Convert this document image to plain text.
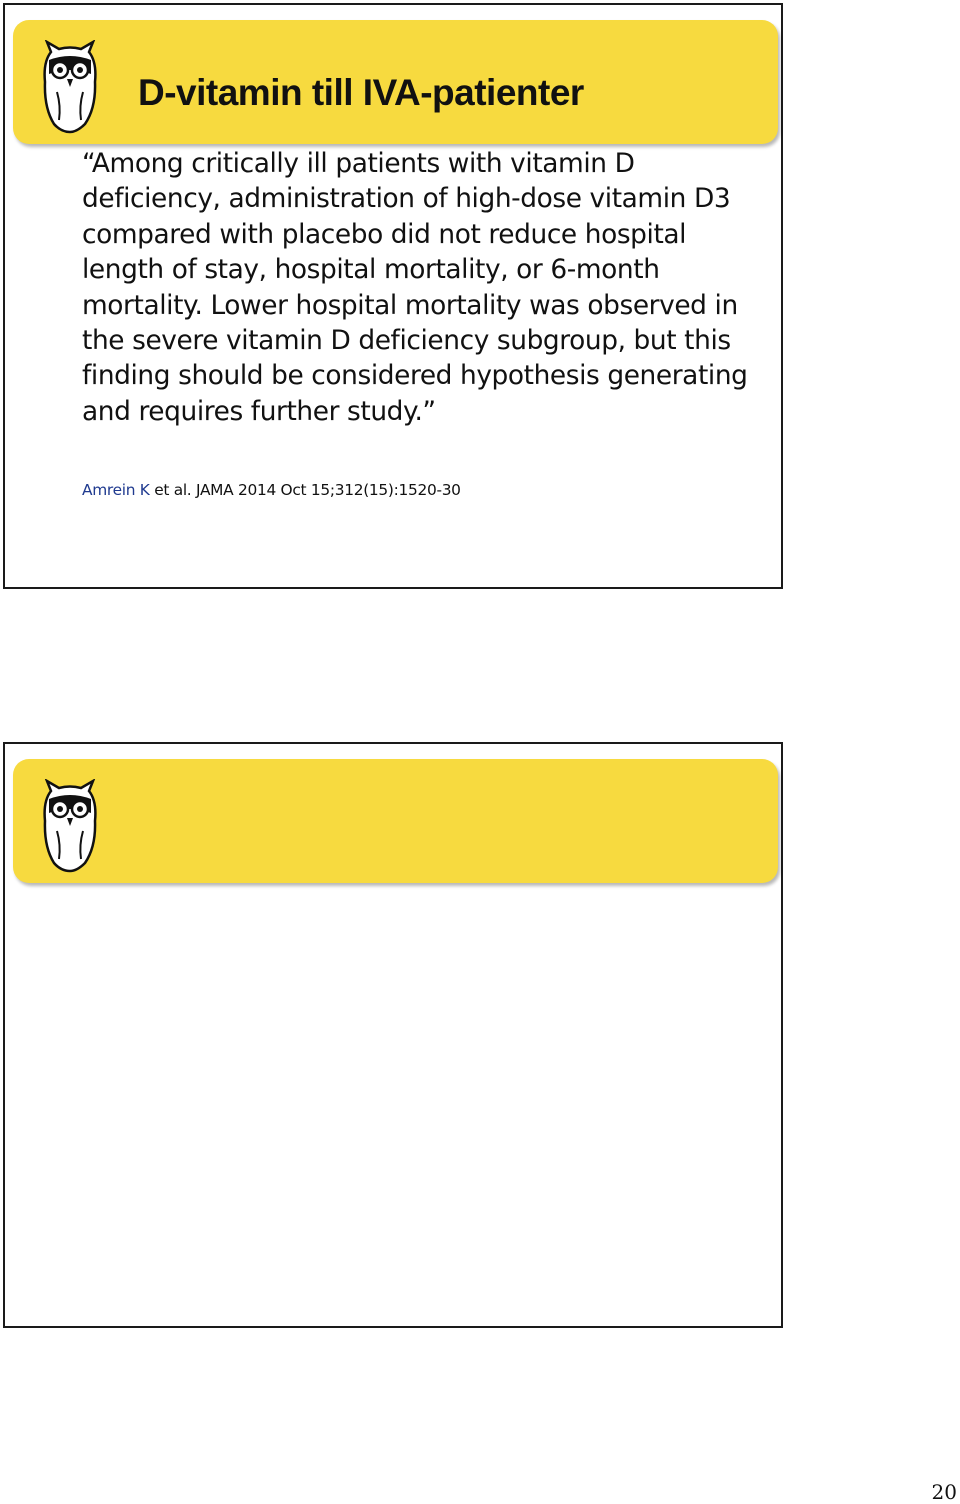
D-vitamin till IVA-patienter

“Among critically ill patients with vitamin D deficiency, administration of high-dose vitamin D3 compared with placebo did not reduce hospital length of stay, hospital mortality, or 6-month mortality. Lower hospital mortality was observed in the severe vitamin D deficiency subgroup, but this finding should be considered hypothesis generating and requires further study.”

Amrein K et al. JAMA 2014 Oct 15;312(15):1520-30

20
